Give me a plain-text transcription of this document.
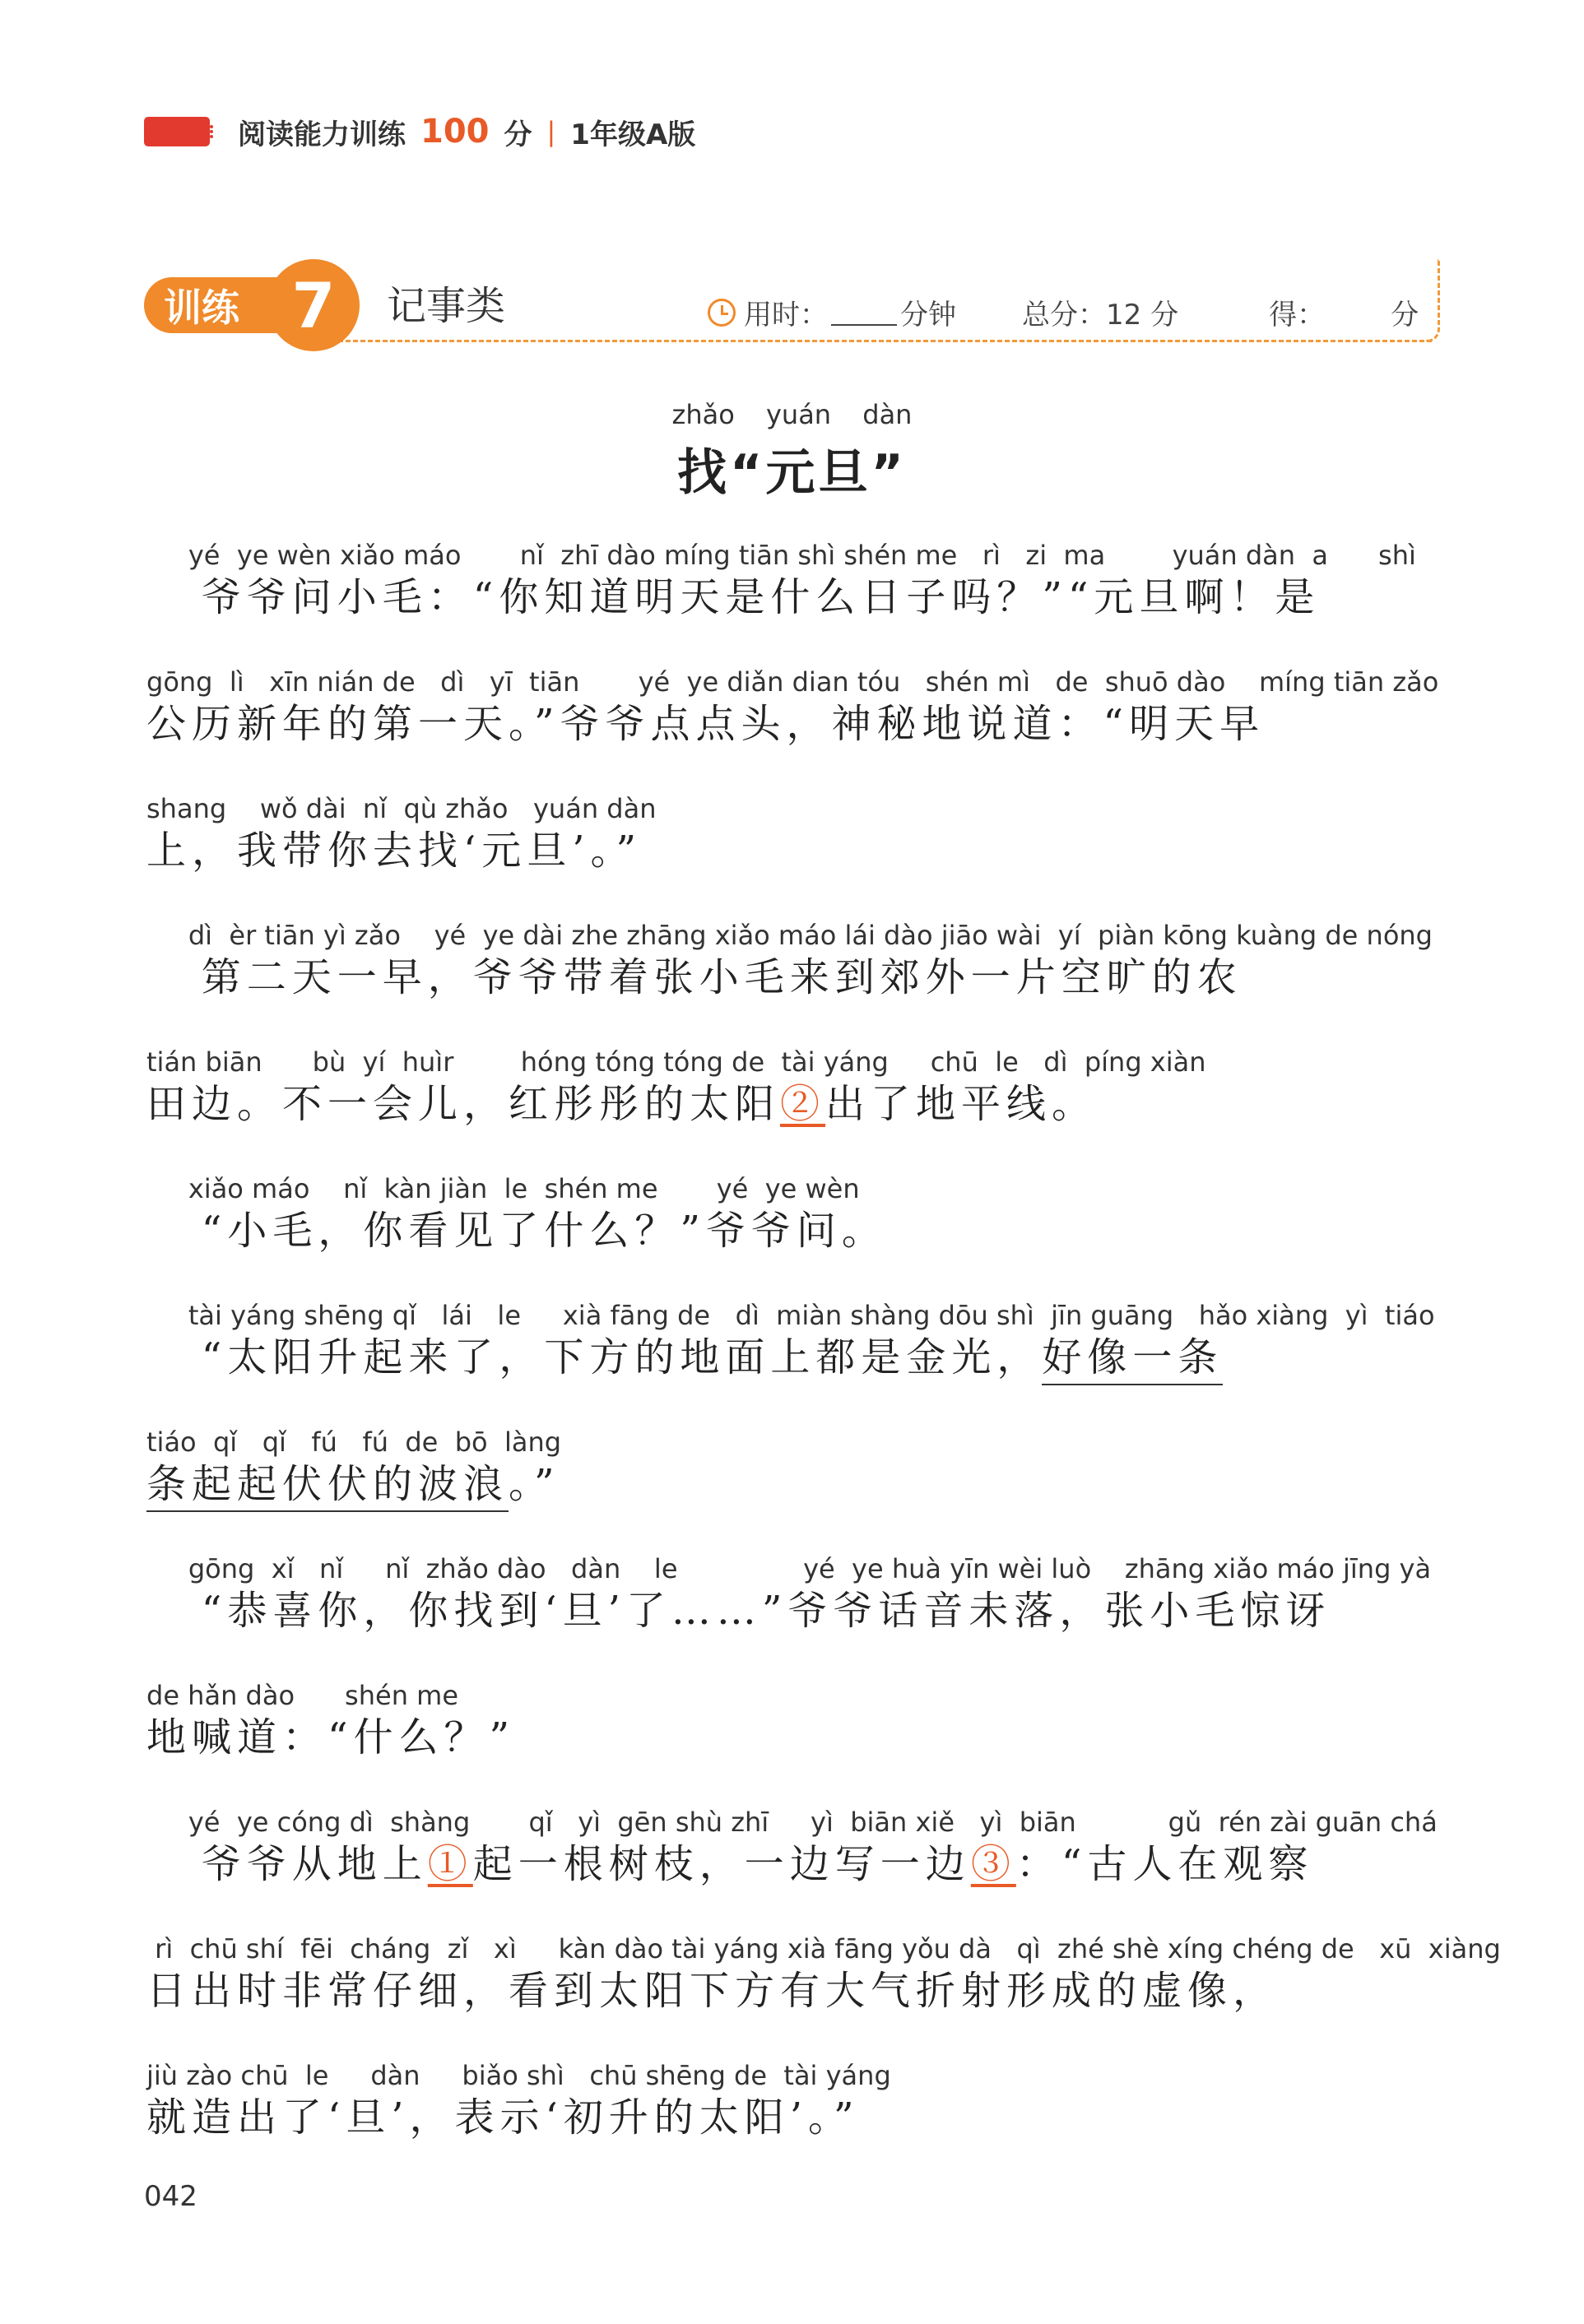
阅读能力训练 100 分 | 1年级A版
训练 7 记事类	用时：	分钟 总分：12 分	得： 分
zhǎo yuán dàn
找“元旦”
yé  ye wèn xiǎo máo       nǐ  zhī dào míng tiān shì shén me   rì   zi  ma        yuán dàn  a      shì
爷爷问小毛：“你知道明天是什么日子吗？”“元旦啊！是
gōng  lì   xīn nián de   dì   yī  tiān       yé  ye diǎn dian tóu   shén mì   de  shuō dào    míng tiān zǎo
公历新年的第一天。”爷爷点点头，神秘地说道：“明天早
shang    wǒ dài  nǐ  qù zhǎo   yuán dàn
上，我带你去找‘元旦’。”
dì  èr tiān yì zǎo    yé  ye dài zhe zhāng xiǎo máo lái dào jiāo wài  yí  piàn kōng kuàng de nóng
第二天一早，爷爷带着张小毛来到郊外一片空旷的农
tián biān      bù  yí  huìr        hóng tóng tóng de  tài yáng     chū  le   dì  píng xiàn
田边。不一会儿，红彤彤的太阳②出了地平线。
xiǎo máo    nǐ  kàn jiàn  le  shén me       yé  ye wèn
“小毛，你看见了什么？”爷爷问。
tài yáng shēng qǐ   lái   le     xià fāng de   dì  miàn shàng dōu shì  jīn guāng   hǎo xiàng  yì  tiáo
“太阳升起来了，下方的地面上都是金光，好像一条
tiáo  qǐ   qǐ   fú   fú  de  bō  làng
条起起伏伏的波浪。”
gōng  xǐ   nǐ     nǐ  zhǎo dào   dàn    le               yé  ye huà yīn wèi luò    zhāng xiǎo máo jīng yà
“恭喜你，你找到‘旦’了……”爷爷话音未落，张小毛惊讶
de hǎn dào      shén me
地喊道：“什么？”
yé  ye cóng dì  shàng       qǐ   yì  gēn shù zhī     yì  biān xiě   yì  biān           gǔ  rén zài guān chá
爷爷从地上①起一根树枝，一边写一边③：“古人在观察
rì  chū shí  fēi  cháng  zǐ   xì     kàn dào tài yáng xià fāng yǒu dà   qì  zhé shè xíng chéng de   xū  xiàng
日出时非常仔细，看到太阳下方有大气折射形成的虚像，
jiù zào chū  le     dàn     biǎo shì   chū shēng de  tài yáng
就造出了‘旦’，表示‘初升的太阳’。”
042
